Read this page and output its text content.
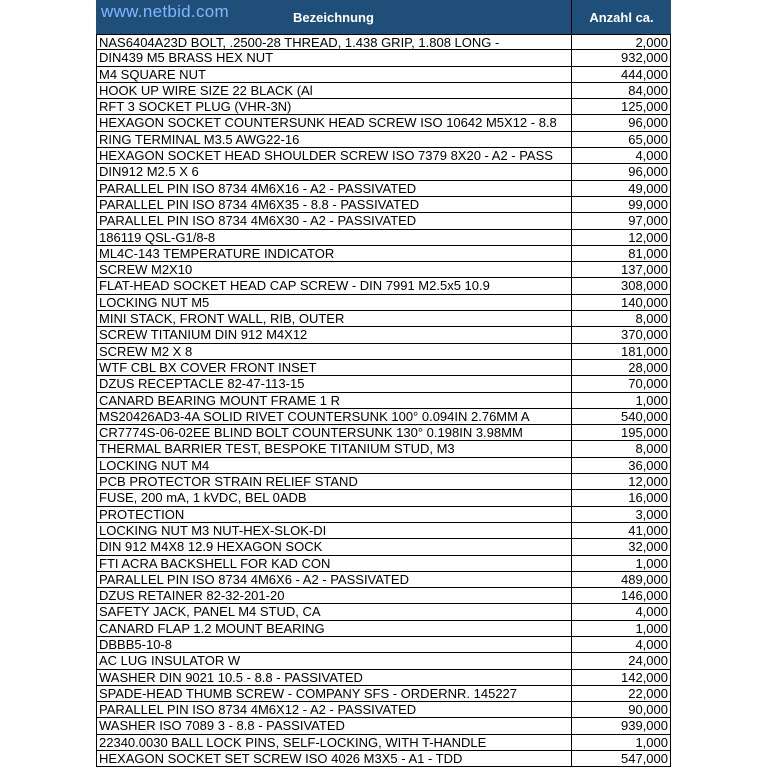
Bezeichnung	Anzahl ca.
NAS6404A23D BOLT, .2500-28 THREAD, 1.438 GRIP, 1.808 LONG -	2,000
DIN439 M5 BRASS HEX NUT	932,000
M4 SQUARE NUT	444,000
HOOK UP WIRE SIZE 22 BLACK (Al	84,000
RFT 3 SOCKET PLUG (VHR-3N)	125,000
HEXAGON SOCKET COUNTERSUNK HEAD SCREW ISO 10642 M5X12 - 8.8	96,000
RING TERMINAL M3.5 AWG22-16	65,000
HEXAGON SOCKET HEAD SHOULDER SCREW ISO 7379 8X20 - A2 - PASS	4,000
DIN912 M2.5 X 6	96,000
PARALLEL PIN ISO 8734 4M6X16 - A2 - PASSIVATED	49,000
PARALLEL PIN ISO 8734 4M6X35 - 8.8 - PASSIVATED	99,000
PARALLEL PIN ISO 8734 4M6X30 - A2 - PASSIVATED	97,000
186119 QSL-G1/8-8	12,000
ML4C-143 TEMPERATURE INDICATOR	81,000
SCREW M2X10	137,000
FLAT-HEAD SOCKET HEAD CAP SCREW - DIN 7991 M2.5x5 10.9	308,000
LOCKING NUT M5	140,000
MINI STACK, FRONT WALL, RIB, OUTER	8,000
SCREW TITANIUM DIN 912 M4X12	370,000
SCREW M2 X 8	181,000
WTF CBL BX COVER FRONT INSET	28,000
DZUS RECEPTACLE 82-47-113-15	70,000
CANARD BEARING MOUNT FRAME 1 R	1,000
MS20426AD3-4A SOLID RIVET COUNTERSUNK 100° 0.094IN 2.76MM A	540,000
CR7774S-06-02EE BLIND BOLT COUNTERSUNK 130° 0.198IN 3.98MM	195,000
THERMAL BARRIER TEST, BESPOKE TITANIUM STUD, M3	8,000
LOCKING NUT M4	36,000
PCB PROTECTOR STRAIN RELIEF STAND	12,000
FUSE, 200 mA, 1 kVDC, BEL 0ADB	16,000
PROTECTION	3,000
LOCKING NUT M3 NUT-HEX-SLOK-DI	41,000
DIN 912 M4X8 12.9 HEXAGON SOCK	32,000
FTI ACRA BACKSHELL FOR KAD CON	1,000
PARALLEL PIN ISO 8734 4M6X6 - A2 - PASSIVATED	489,000
DZUS RETAINER 82-32-201-20	146,000
SAFETY JACK, PANEL M4 STUD, CA	4,000
CANARD FLAP 1.2 MOUNT BEARING	1,000
DBBB5-10-8	4,000
AC LUG INSULATOR W	24,000
WASHER DIN 9021 10.5 - 8.8 - PASSIVATED	142,000
SPADE-HEAD THUMB SCREW - COMPANY SFS - ORDERNR. 145227	22,000
PARALLEL PIN ISO 8734 4M6X12 - A2 - PASSIVATED	90,000
WASHER ISO 7089 3 - 8.8 - PASSIVATED	939,000
22340.0030 BALL LOCK PINS, SELF-LOCKING, WITH T-HANDLE	1,000
HEXAGON SOCKET SET SCREW ISO 4026 M3X5 - A1 - TDD	547,000
www.netbid.com
